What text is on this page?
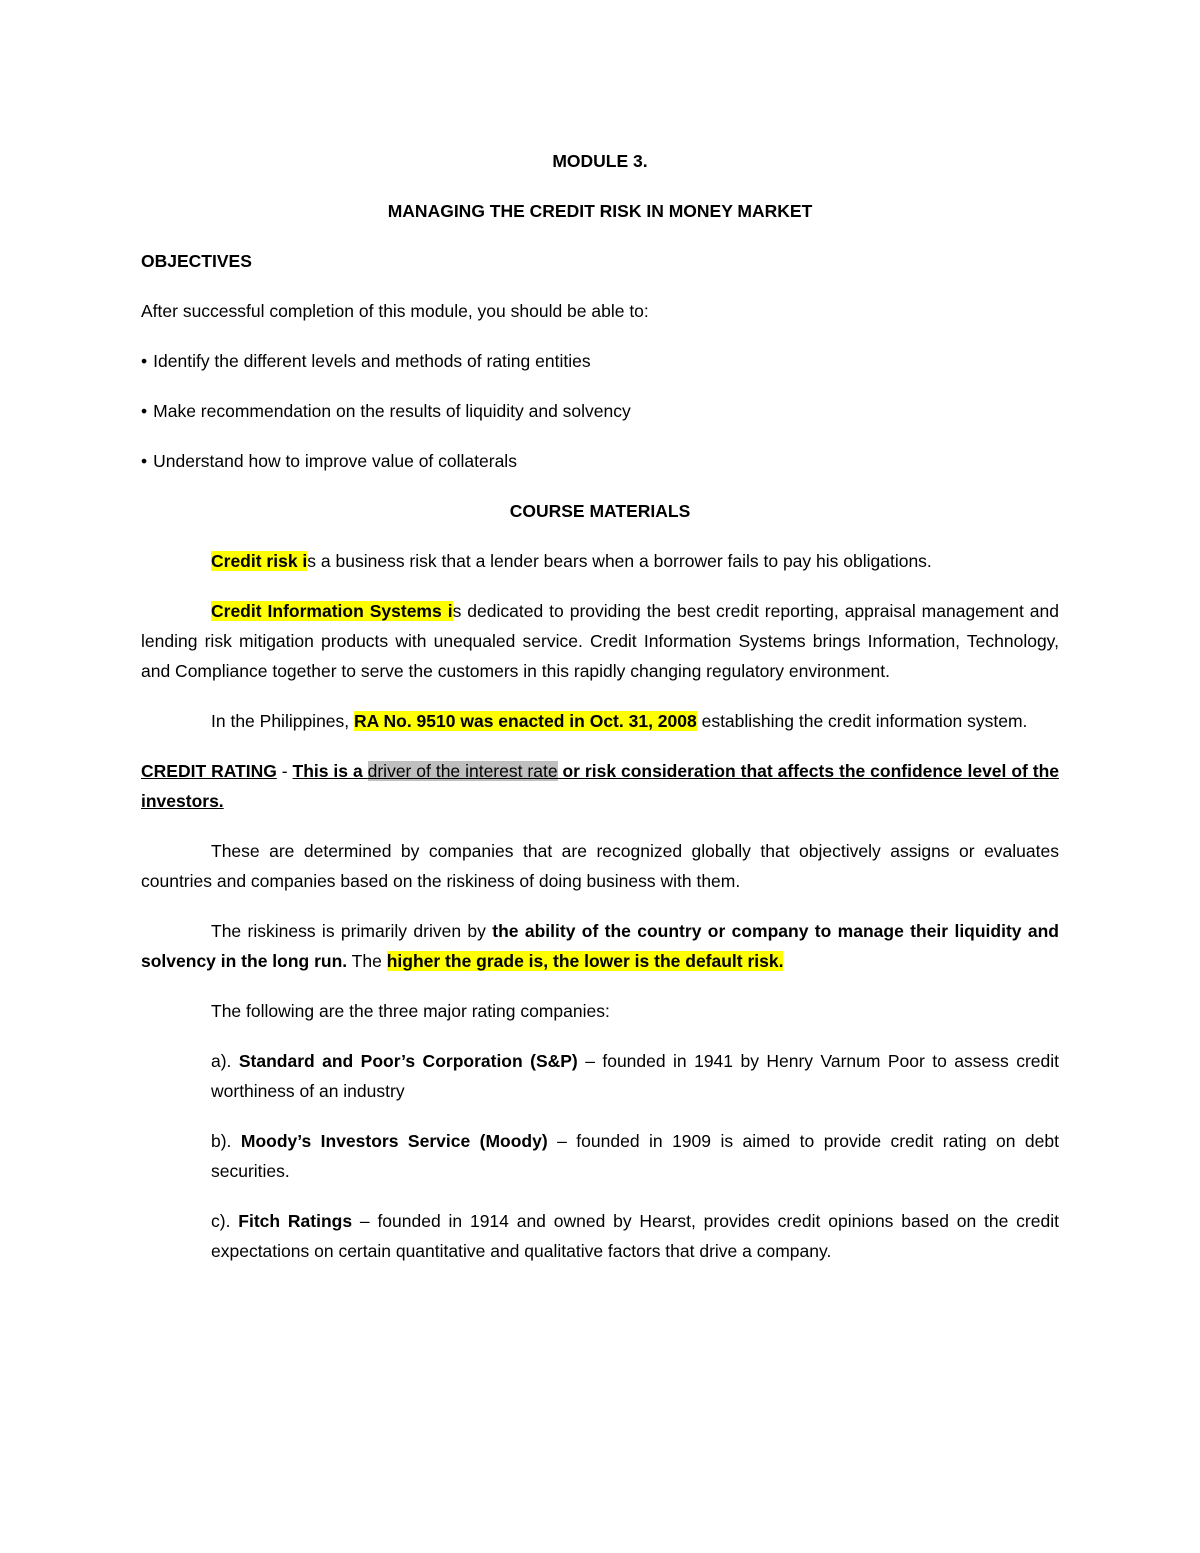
MODULE 3.

MANAGING THE CREDIT RISK IN MONEY MARKET

OBJECTIVES

After successful completion of this module, you should be able to:

• Identify the different levels and methods of rating entities

• Make recommendation on the results of liquidity and solvency

• Understand how to improve value of collaterals

COURSE MATERIALS

Credit risk is a business risk that a lender bears when a borrower fails to pay his obligations.

Credit Information Systems is dedicated to providing the best credit reporting, appraisal management and lending risk mitigation products with unequaled service. Credit Information Systems brings Information, Technology, and Compliance together to serve the customers in this rapidly changing regulatory environment.

In the Philippines, RA No. 9510 was enacted in Oct. 31, 2008 establishing the credit information system.

CREDIT RATING - This is a driver of the interest rate or risk consideration that affects the confidence level of the investors.

These are determined by companies that are recognized globally that objectively assigns or evaluates countries and companies based on the riskiness of doing business with them.

The riskiness is primarily driven by the ability of the country or company to manage their liquidity and solvency in the long run. The higher the grade is, the lower is the default risk.

The following are the three major rating companies:

a). Standard and Poor’s Corporation (S&P) – founded in 1941 by Henry Varnum Poor to assess credit worthiness of an industry

b). Moody’s Investors Service (Moody) – founded in 1909 is aimed to provide credit rating on debt securities.

c). Fitch Ratings – founded in 1914 and owned by Hearst, provides credit opinions based on the credit expectations on certain quantitative and qualitative factors that drive a company.
